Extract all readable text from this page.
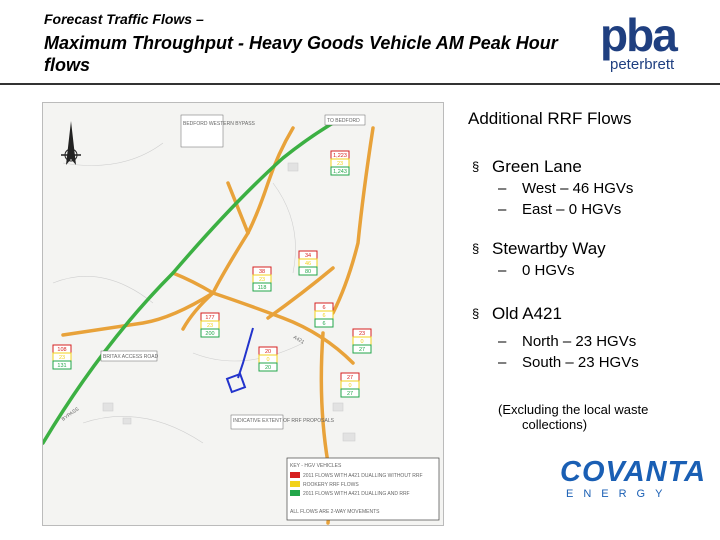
Forecast Traffic Flows –
Maximum Throughput - Heavy Goods Vehicle AM Peak Hour flows
pba
peterbrett
BEDFORD WESTERN BYPASS	TO BEDFORD
BRITAX ACCESS ROAD
INDICATIVE EXTENT OF RRF PROPOSALS
BYPASS
A421
1,223
23
1,243
38
23
118
34
46
80
177
23
200
6
6
6
108
23
131
20
0
20
23
0
27
27
0
27
KEY - HGV VEHICLES
2011 FLOWS WITH A421 DUALLING WITHOUT RRF
ROOKERY RRF FLOWS
2011 FLOWS WITH A421 DUALLING AND RRF
ALL FLOWS ARE 2-WAY MOVEMENTS
Additional RRF Flows
§ Green Lane
– West – 46 HGVs
– East – 0 HGVs
§ Stewartby Way
– 0 HGVs
§ Old A421
– North – 23 HGVs
– South – 23 HGVs
(Excluding the local waste
collections)
COVANTA
ENERGY
